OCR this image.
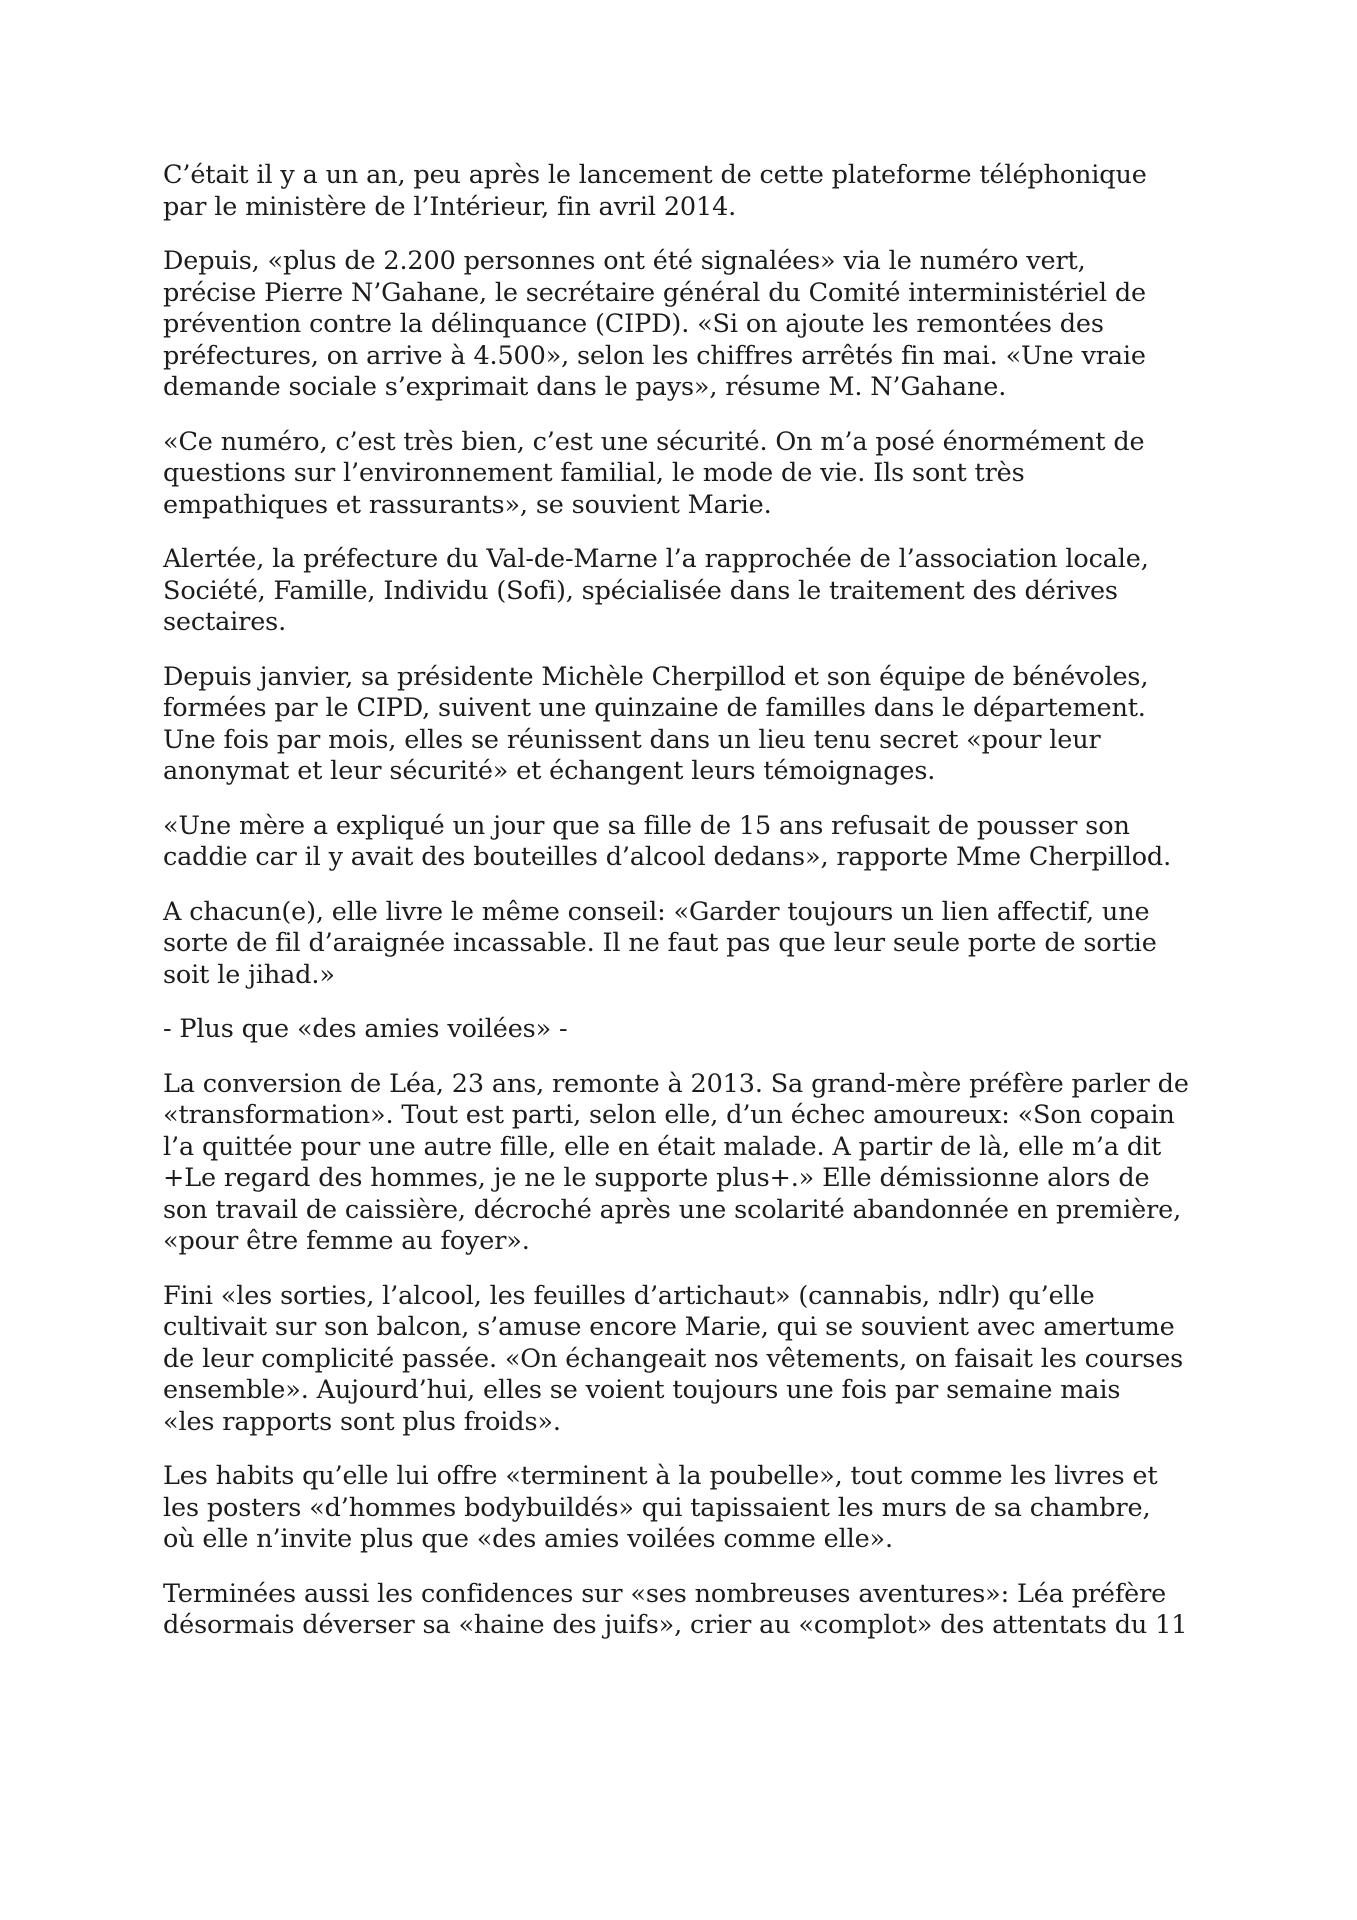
C’était il y a un an, peu après le lancement de cette plateforme téléphonique
par le ministère de l’Intérieur, fin avril 2014.

Depuis, «plus de 2.200 personnes ont été signalées» via le numéro vert,
précise Pierre N’Gahane, le secrétaire général du Comité interministériel de
prévention contre la délinquance (CIPD). «Si on ajoute les remontées des
préfectures, on arrive à 4.500», selon les chiffres arrêtés fin mai. «Une vraie
demande sociale s’exprimait dans le pays», résume M. N’Gahane.

«Ce numéro, c’est très bien, c’est une sécurité. On m’a posé énormément de
questions sur l’environnement familial, le mode de vie. Ils sont très
empathiques et rassurants», se souvient Marie.

Alertée, la préfecture du Val-de-Marne l’a rapprochée de l’association locale,
Société, Famille, Individu (Sofi), spécialisée dans le traitement des dérives
sectaires.

Depuis janvier, sa présidente Michèle Cherpillod et son équipe de bénévoles,
formées par le CIPD, suivent une quinzaine de familles dans le département.
Une fois par mois, elles se réunissent dans un lieu tenu secret «pour leur
anonymat et leur sécurité» et échangent leurs témoignages.

«Une mère a expliqué un jour que sa fille de 15 ans refusait de pousser son
caddie car il y avait des bouteilles d’alcool dedans», rapporte Mme Cherpillod.

A chacun(e), elle livre le même conseil: «Garder toujours un lien affectif, une
sorte de fil d’araignée incassable. Il ne faut pas que leur seule porte de sortie
soit le jihad.»

- Plus que «des amies voilées» -

La conversion de Léa, 23 ans, remonte à 2013. Sa grand-mère préfère parler de
«transformation». Tout est parti, selon elle, d’un échec amoureux: «Son copain
l’a quittée pour une autre fille, elle en était malade. A partir de là, elle m’a dit
+Le regard des hommes, je ne le supporte plus+.» Elle démissionne alors de
son travail de caissière, décroché après une scolarité abandonnée en première,
«pour être femme au foyer».

Fini «les sorties, l’alcool, les feuilles d’artichaut» (cannabis, ndlr) qu’elle
cultivait sur son balcon, s’amuse encore Marie, qui se souvient avec amertume
de leur complicité passée. «On échangeait nos vêtements, on faisait les courses
ensemble». Aujourd’hui, elles se voient toujours une fois par semaine mais
«les rapports sont plus froids».

Les habits qu’elle lui offre «terminent à la poubelle», tout comme les livres et
les posters «d’hommes bodybuildés» qui tapissaient les murs de sa chambre,
où elle n’invite plus que «des amies voilées comme elle».

Terminées aussi les confidences sur «ses nombreuses aventures»: Léa préfère
désormais déverser sa «haine des juifs», crier au «complot» des attentats du 11
